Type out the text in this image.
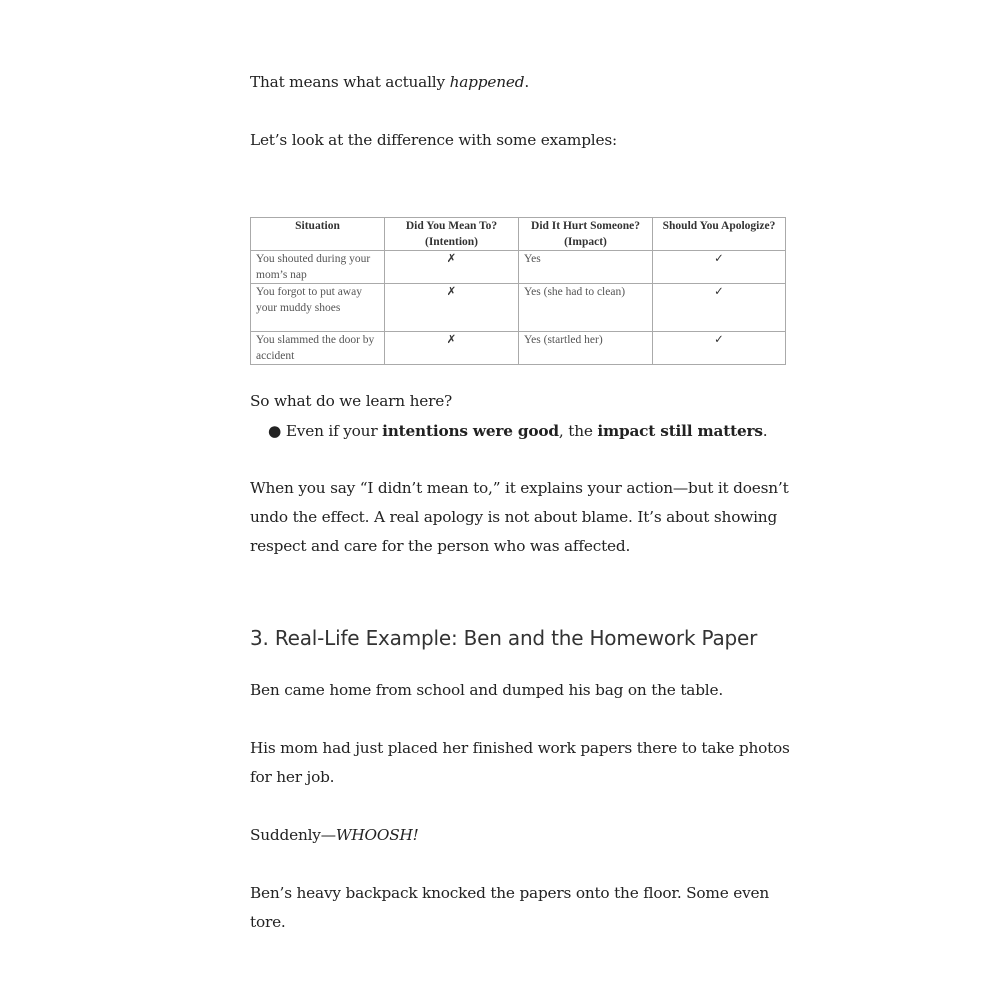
That means what actually happened.
Let’s look at the difference with some examples:
Situation	Did You Mean To? (Intention)	Did It Hurt Someone? (Impact)	Should You Apologize?
You shouted during your mom’s nap	✗	Yes	✓
You forgot to put away your muddy shoes	✗	Yes (she had to clean)	✓
You slammed the door by accident	✗	Yes (startled her)	✓
So what do we learn here?
● Even if your intentions were good, the impact still matters.
When you say “I didn’t mean to,” it explains your action—but it doesn’t undo the effect. A real apology is not about blame. It’s about showing respect and care for the person who was affected.
3. Real-Life Example: Ben and the Homework Paper
Ben came home from school and dumped his bag on the table.
His mom had just placed her finished work papers there to take photos for her job.
Suddenly—WHOOSH!
Ben’s heavy backpack knocked the papers onto the floor. Some even tore.
